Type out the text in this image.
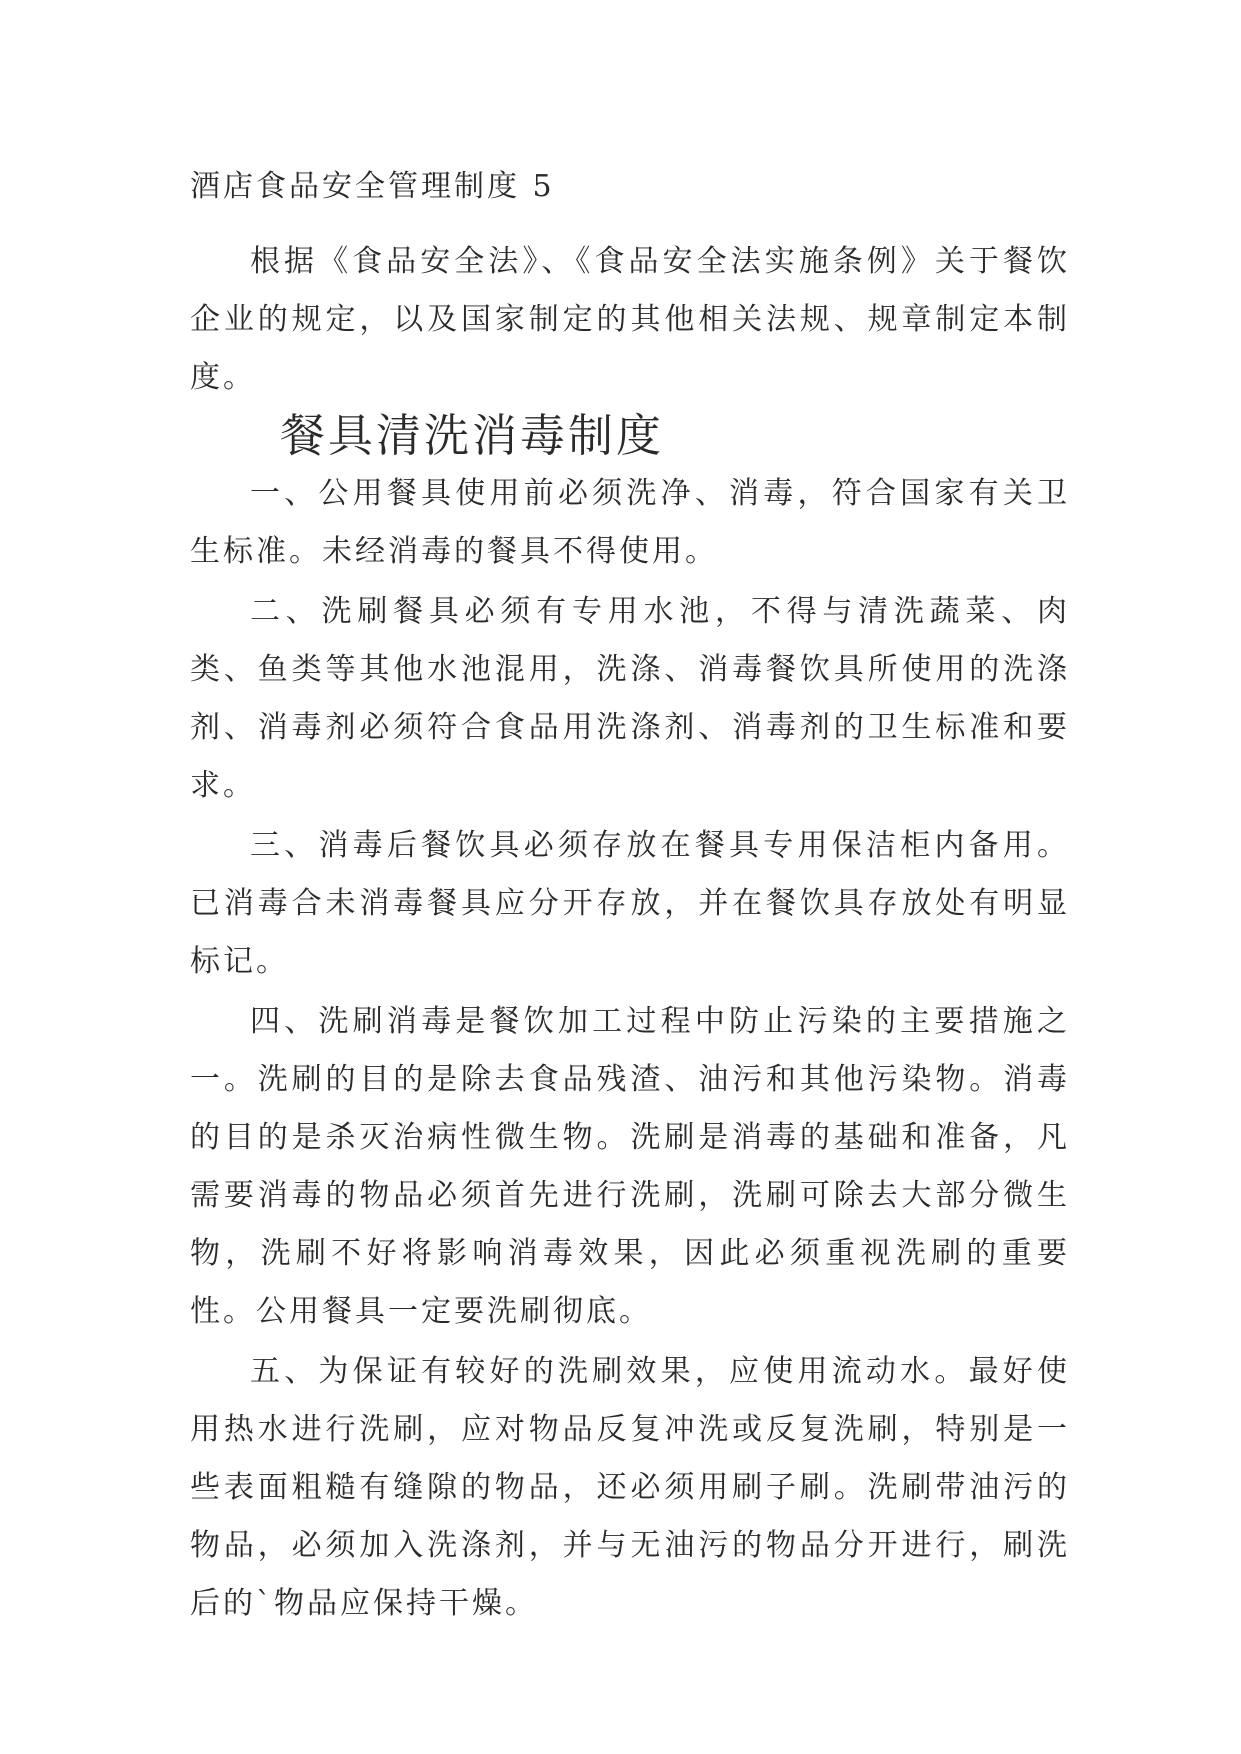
酒店食品安全管理制度 5

根据《食品安全法》、《食品安全法实施条例》关于餐饮企业的规定，以及国家制定的其他相关法规、规章制定本制度。

餐具清洗消毒制度

一、公用餐具使用前必须洗净、消毒，符合国家有关卫生标准。未经消毒的餐具不得使用。

二、洗刷餐具必须有专用水池，不得与清洗蔬菜、肉类、鱼类等其他水池混用，洗涤、消毒餐饮具所使用的洗涤剂、消毒剂必须符合食品用洗涤剂、消毒剂的卫生标准和要求。

三、消毒后餐饮具必须存放在餐具专用保洁柜内备用。已消毒合未消毒餐具应分开存放，并在餐饮具存放处有明显标记。

四、洗刷消毒是餐饮加工过程中防止污染的主要措施之一。洗刷的目的是除去食品残渣、油污和其他污染物。消毒的目的是杀灭治病性微生物。洗刷是消毒的基础和准备，凡需要消毒的物品必须首先进行洗刷，洗刷可除去大部分微生物，洗刷不好将影响消毒效果，因此必须重视洗刷的重要性。公用餐具一定要洗刷彻底。

五、为保证有较好的洗刷效果，应使用流动水。最好使用热水进行洗刷，应对物品反复冲洗或反复洗刷，特别是一些表面粗糙有缝隙的物品，还必须用刷子刷。洗刷带油污的物品，必须加入洗涤剂，并与无油污的物品分开进行，刷洗后的`物品应保持干燥。
